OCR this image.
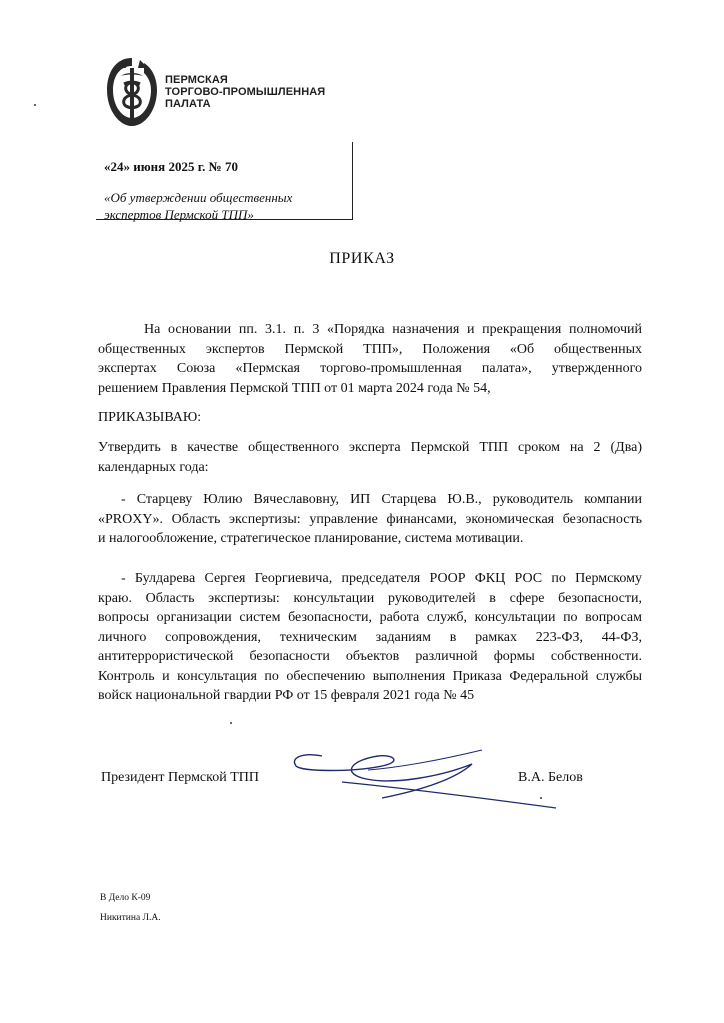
ПЕРМСКАЯ
ТОРГОВО-ПРОМЫШЛЕННАЯ
ПАЛАТА
«24» июня 2025 г. № 70
«Об утверждении общественных
экспертов Пермской ТПП»
ПРИКАЗ
На основании пп. 3.1. п. 3 «Порядка назначения и прекращения полномочий
общественных экспертов Пермской ТПП», Положения «Об общественных
экспертах Союза «Пермская торгово-промышленная палата», утвержденного
решением Правления Пермской ТПП от 01 марта 2024 года № 54,
ПРИКАЗЫВАЮ:
Утвердить в качестве общественного эксперта Пермской ТПП сроком на 2 (Два)
календарных года:
- Старцеву Юлию Вячеславовну, ИП Старцева Ю.В., руководитель компании
«PROXY». Область экспертизы: управление финансами, экономическая безопасность
и налогообложение, стратегическое планирование, система мотивации.
- Булдарева Сергея Георгиевича, председателя РООР ФКЦ РОС по Пермскому
краю. Область экспертизы: консультации руководителей в сфере безопасности,
вопросы организации систем безопасности, работа служб, консультации по вопросам
личного сопровождения, техническим заданиям в рамках 223-ФЗ, 44-ФЗ,
антитеррористической безопасности объектов различной формы собственности.
Контроль и консультация по обеспечению выполнения Приказа Федеральной службы
войск национальной гвардии РФ от 15 февраля 2021 года № 45
Президент Пермской ТПП	В.А. Белов
В Дело К-09
Никитина Л.А.
